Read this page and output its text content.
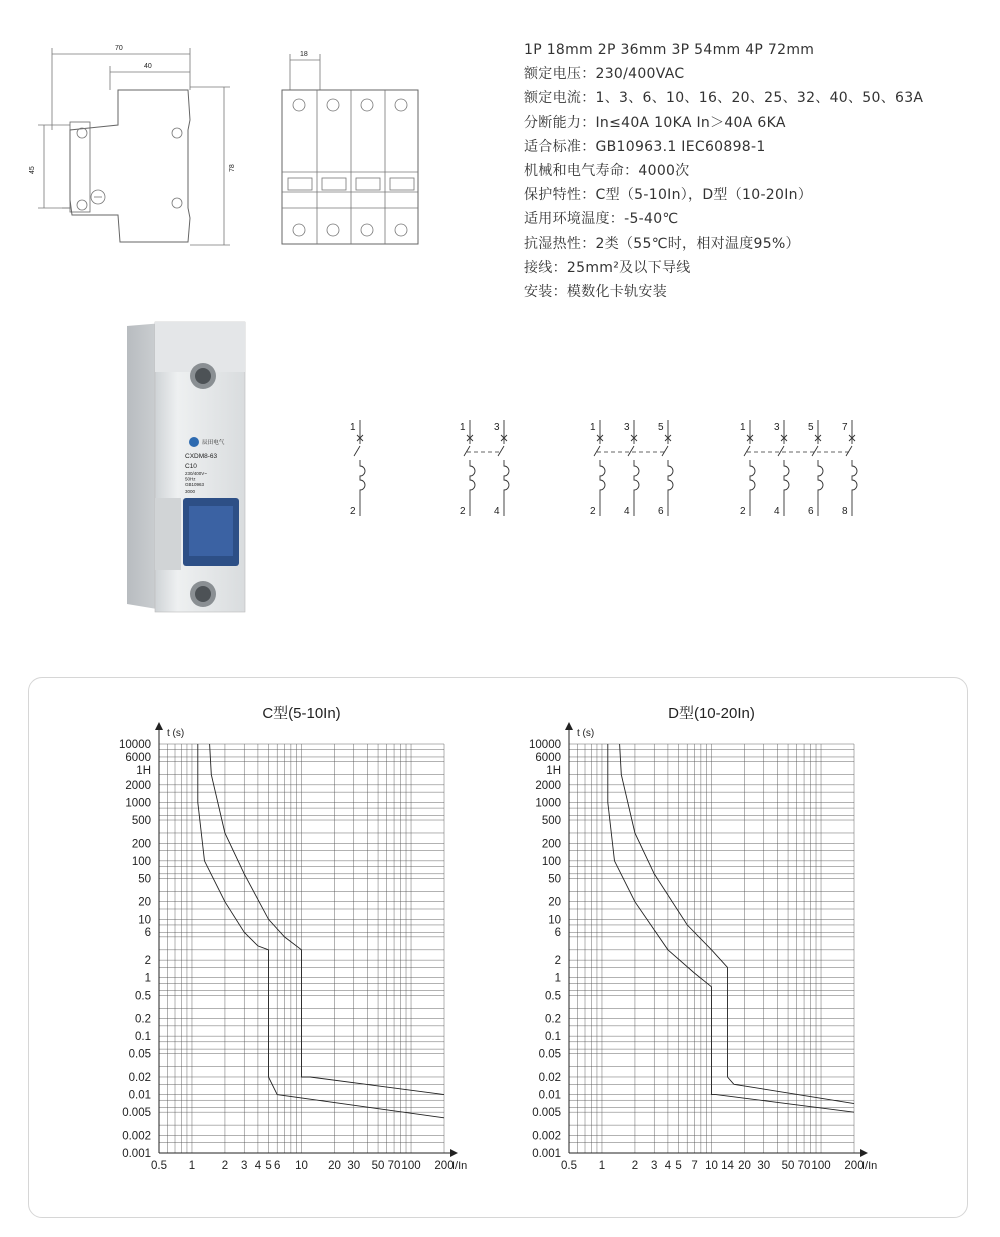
70
40
45	78
18	1P 18mm 2P 36mm 3P 54mm 4P 72mm
额定电压：230/400VAC
额定电流：1、3、6、10、16、20、25、32、40、50、63A
分断能力：In≤40A 10KA In＞40A 6KA
适合标准：GB10963.1 IEC60898-1
机械和电气寿命：4000次
保护特性：C型（5-10In），D型（10-20In）
适用环境温度：-5-40℃
抗湿热性：2类（55℃时，相对温度95%）
接线：25mm²及以下导线
安装：模数化卡轨安装
辰田电气
CXDM8-63
C10
230/400V~
50Hz
GB10963
3000
1
2
1
2
3
4
1
2
3
4
5
6
1
2
3
4
5
6
7
8
C型(5-10In)
t (s)
I/In
10000
6000
1H
2000
1000
500
200
100
50
20
10
6
2
1
0.5
0.2
0.1
0.05
0.02
0.01
0.005
0.002
0.001
0.5 1 2 3 4 5 6 10 20 30 50 70 100 200
D型(10-20In)
t (s)
I/In
10000
6000
1H
2000
1000
500
200
100
50
20
10
6
2
1
0.5
0.2
0.1
0.05
0.02
0.01
0.005
0.002
0.001
0.5 1 2 3 4 5 7 10 14 20 30 50 70 100 200
